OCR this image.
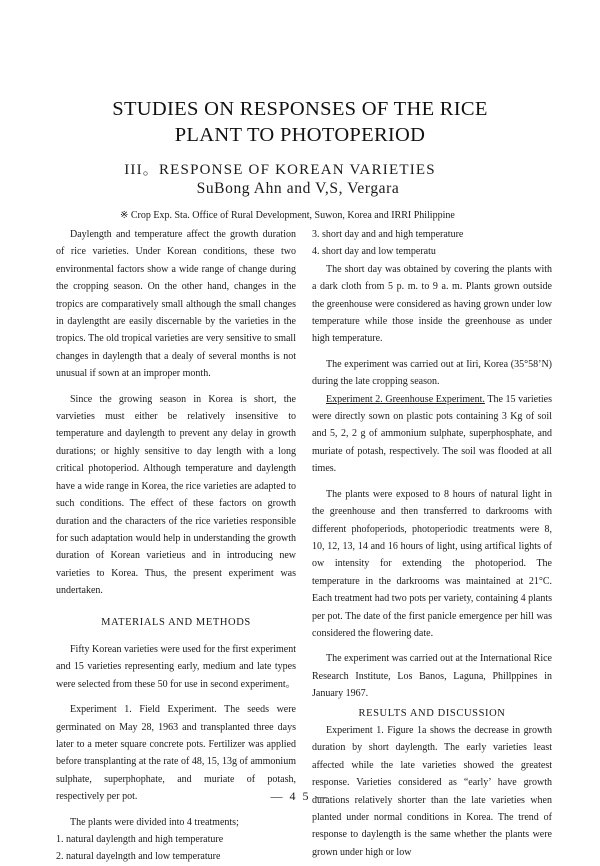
STUDIES ON RESPONSES OF THE RICE
PLANT TO PHOTOPERIOD
III。RESPONSE OF KOREAN VARIETIES
SuBong Ahn and V,S, Vergara
※ Crop Exp. Sta. Office of Rural Development, Suwon, Korea and IRRI Philippine

Daylength and temperature affect the growth duration of rice varieties. Under Korean conditions, these two environmental factors show a wide range of change during the cropping season. On the other hand, changes in the tropics are comparatively small although the small changes in daylengtht are easily discernable by the varieties in the tropics. The old tropical varieties are very sensitive to small changes in daylength that a dealy of several months is not unusual if sown at an improper month.

Since the growing season in Korea is short, the varvieties must either be relatively insensitive to temperature and daylength to prevent any delay in growth durations; or highly sensitive to day length with a long critical photoperiod. Although temperature and daylength have a wide range in Korea, the rice varieties are adapted to such conditions. The effect of these factors on growth duration and the characters of the rice varieties responsible for such adaptation would help in understanding the growth duration of Korean varietieus and in introducing new varieties to Korea. Thus, the present experiment was undertaken.

MATERIALS AND METHODS

Fifty Korean varieties were used for the first experiment and 15 varieties representing early, medium and late types were selected from these 50 for use in second experiment。

Experiment 1. Field Experiment. The seeds were germinated on May 28, 1963 and transplanted three days later to a meter square concrete pots. Fertilizer was applied before transplanting at the rate of 48, 15, 13g of ammonium sulphate, superphophate, and muriate of potash, respectively per pot.

The plants were divided into 4 treatments;

1. natural daylength and high temperature

2. natural dayelngth and low temperature

3. short day and and high temperature

4. short day and low temperatu

The short day was obtained by covering the plants with a dark cloth from 5 p. m. to 9 a. m. Plants grown outside the greenhouse were considered as having grown under low temperature while those inside the greenhouse as under high temperature.

The experiment was carried out at Iiri, Korea (35°58’N) during the late cropping season.

Experiment 2. Greenhouse Experiment. The 15 varieties were directly sown on plastic pots containing 3 Kg of soil and 5, 2, 2 g of ammonium sulphate, superphosphate, and muriate of potash, respectively. The soil was flooded at all times.

The plants were exposed to 8 hours of natural light in the greenhouse and then transferred to darkrooms with different phofoperiods, photoperiodic treatments were 8, 10, 12, 13, 14 and 16 hours of light, using artifical lights of ow intensity for extending the photoperiod. The temperature in the darkrooms was maintained at 21°C. Each treatment had two pots per variety, containing 4 plants per pot. The date of the first panicle emergence per hill was considered the flowering date.

The experiment was carried out at the International Rice Research Institute, Los Banos, Laguna, Phillppines in January 1967.

RESULTS AND DISCUSSION

Experiment 1. Figure 1a shows the decrease in growth duration by short daylength. The early varieties least affected while the late varieties showed the greatest response. Varieties considered as “early’ have growth durations relatively shorter than the late varieties when planted under normal conditions in Korea. The trend of response to daylength is the same whether the plants were grown under high or low

— 4 5 —
